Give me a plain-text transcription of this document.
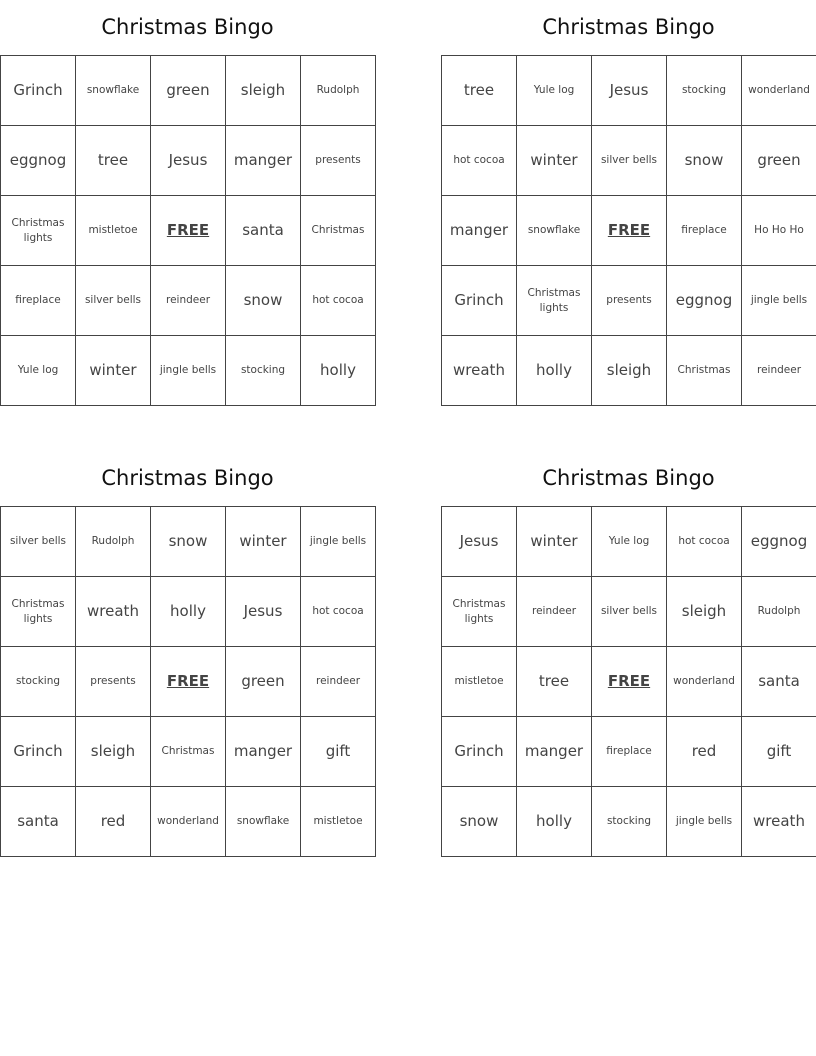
Christmas Bingo
Grinch	snowflake	green	sleigh	Rudolph
eggnog	tree	Jesus	manger	presents
Christmas lights	mistletoe	FREE	santa	Christmas
fireplace	silver bells	reindeer	snow	hot cocoa
Yule log	winter	jingle bells	stocking	holly
Christmas Bingo
tree	Yule log	Jesus	stocking	wonderland
hot cocoa	winter	silver bells	snow	green
manger	snowflake	FREE	fireplace	Ho Ho Ho
Grinch	Christmas lights	presents	eggnog	jingle bells
wreath	holly	sleigh	Christmas	reindeer
Christmas Bingo
silver bells	Rudolph	snow	winter	jingle bells
Christmas lights	wreath	holly	Jesus	hot cocoa
stocking	presents	FREE	green	reindeer
Grinch	sleigh	Christmas	manger	gift
santa	red	wonderland	snowflake	mistletoe
Christmas Bingo
Jesus	winter	Yule log	hot cocoa	eggnog
Christmas lights	reindeer	silver bells	sleigh	Rudolph
mistletoe	tree	FREE	wonderland	santa
Grinch	manger	fireplace	red	gift
snow	holly	stocking	jingle bells	wreath
